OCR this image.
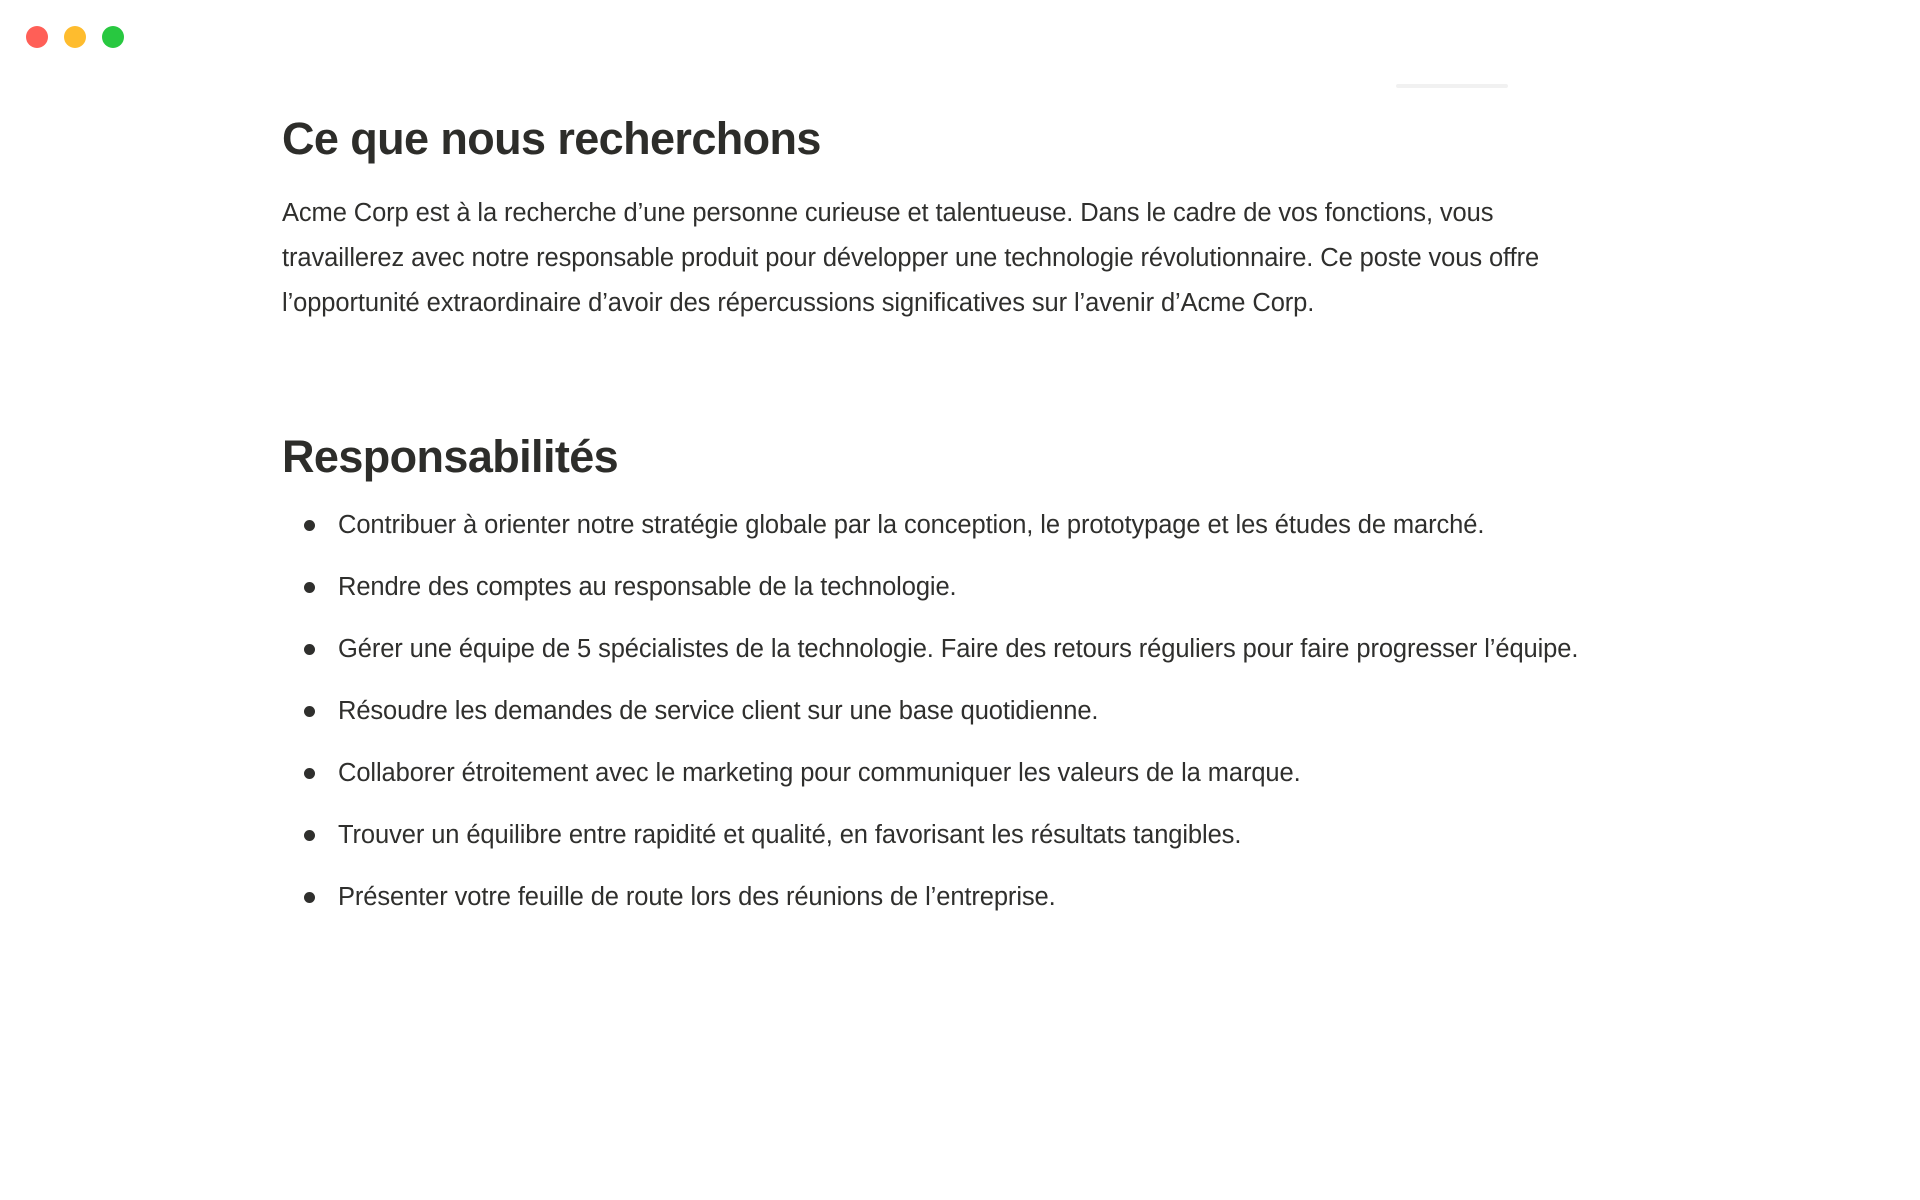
Ce que nous recherchons

Acme Corp est à la recherche d’une personne curieuse et talentueuse. Dans le cadre de vos fonctions, vous travaillerez avec notre responsable produit pour développer une technologie révolutionnaire. Ce poste vous offre l’opportunité extraordinaire d’avoir des répercussions significatives sur l’avenir d’Acme Corp.

Responsabilités
Contribuer à orienter notre stratégie globale par la conception, le prototypage et les études de marché.
Rendre des comptes au responsable de la technologie.
Gérer une équipe de 5 spécialistes de la technologie. Faire des retours réguliers pour faire progresser l’équipe.
Résoudre les demandes de service client sur une base quotidienne.
Collaborer étroitement avec le marketing pour communiquer les valeurs de la marque.
Trouver un équilibre entre rapidité et qualité, en favorisant les résultats tangibles.
Présenter votre feuille de route lors des réunions de l’entreprise.
